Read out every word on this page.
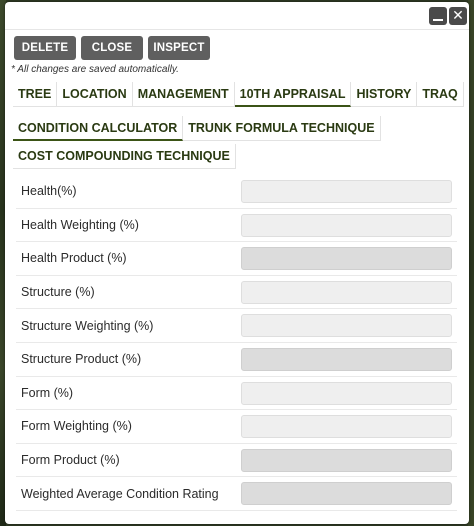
✕
DELETE	CLOSE	INSPECT
* All changes are saved automatically.
TREE LOCATION MANAGEMENT 10TH APPRAISAL HISTORY TRAQ
CONDITION CALCULATOR TRUNK FORMULA TECHNIQUE
COST COMPOUNDING TECHNIQUE
Health(%)
Health Weighting (%)
Health Product (%)
Structure (%)
Structure Weighting (%)
Structure Product (%)
Form (%)
Form Weighting (%)
Form Product (%)
Weighted Average Condition Rating
